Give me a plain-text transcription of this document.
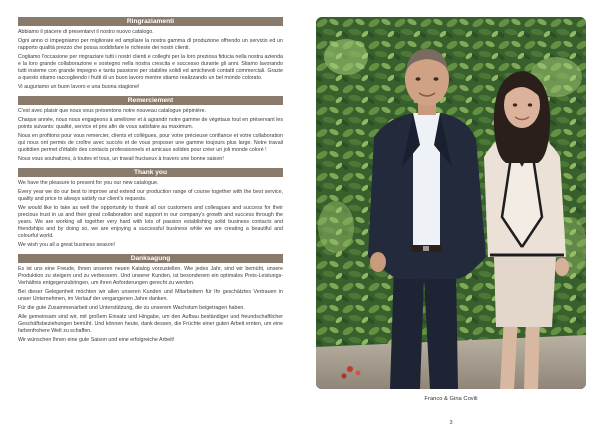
Ringraziamenti

Abbiamo il piacere di presentarvi il nostro nuovo catalogo.

Ogni anno ci impegniamo per migliorare ed ampliare la nostra gamma di produzione offrendo un servizio ed un rapporto qualità prezzo che possa soddisfare le richieste dei nostri clienti.

Cogliamo l'occasione per ringraziare tutti i nostri clienti e colleghi per la loro preziosa fiducia nella nostra azienda e la loro grande collaborazione e sostegno nella nostra crescita e successo durante gli anni. Stiamo lavorando tutti insieme con grande impegno e tanta passione per stabilire solidi ed amichevoli contatti commerciali. Grazie a questo stiamo raccogliendo i frutti di un buon lavoro mentre stiamo realizzando un bel mondo colorato.

Vi auguriamo un buon lavoro e una buona stagione!

Remerciement

C'est avec plaisir que nous vous présentons notre nouveau catalogue pépinière.

Chaque année, nous nous engageons à améliorer et à agrandir notre gamme de végétaux tout en préservant les points suivants: qualité, service et prix afin de vous satisfaire au maximum.

Nous en profitons pour vous remercier, clients et collègues, pour votre précieuse confiance et votre collaboration qui nous ont permis de croître avec succès et de vous proposer une gamme toujours plus large. Notre travail quotidien permet d'établir des contacts professionnels et amicaux solides pour créer un joli monde coloré !

Nous vous souhaitons, à toutes et tous, un travail fructueux à travers une bonne saison!

Thank you

We have the pleasure to present for you our new catalogue.

Every year we do our best to improve and extend our production range of course together with the best service, quality and price to always satisfy our client's requests.

We would like to take as well the opportunity to thank all our customers and colleagues and success for their precious trust in us and their great collaboration and support in our company's growth and success through the years. We are working all together very hard with lots of passion establishing solid business contacts and friendships and by doing so, we are enjoying a successful business while we are creating a beautiful and colourful world.

We wish you all a great business season!

Danksagung

Es ist uns eine Freude, Ihnen unseren neuen Katalog vorzustellen. Wie jedes Jahr, sind wir bemüht, unsere Produktion zu steigern und zu verbessern. Und unserer Kunden, ist besonderem ein optimales Preis-Leistungs-Verhältnis entgegenzubringen, um ihren Anforderungen gerecht zu werden.

Bei dieser Gelegenheit möchten wir allen unseren Kunden und Mitarbeitern für Ihr geschätztes Vertrauen in unser Unternehmen, im Verlauf der vergangenen Jahre danken.

Für die gute Zusammenarbeit und Unterstützung, die zu unserem Wachstum beigetragen haben.

Alle gemeinsam sind wir, mit großem Einsatz und Hingabe, um den Aufbau beständiger und freundschaftlicher Geschäftsbeziehungen bemüht. Und können heute, dank dessen, die Früchte einer guten Arbeit ernten, um eine farbenfrohere Welt zu schaffen.

Wir wünschen Ihnen eine gute Saison und eine erfolgreiche Arbeit!

Franco & Gina Covili
3
